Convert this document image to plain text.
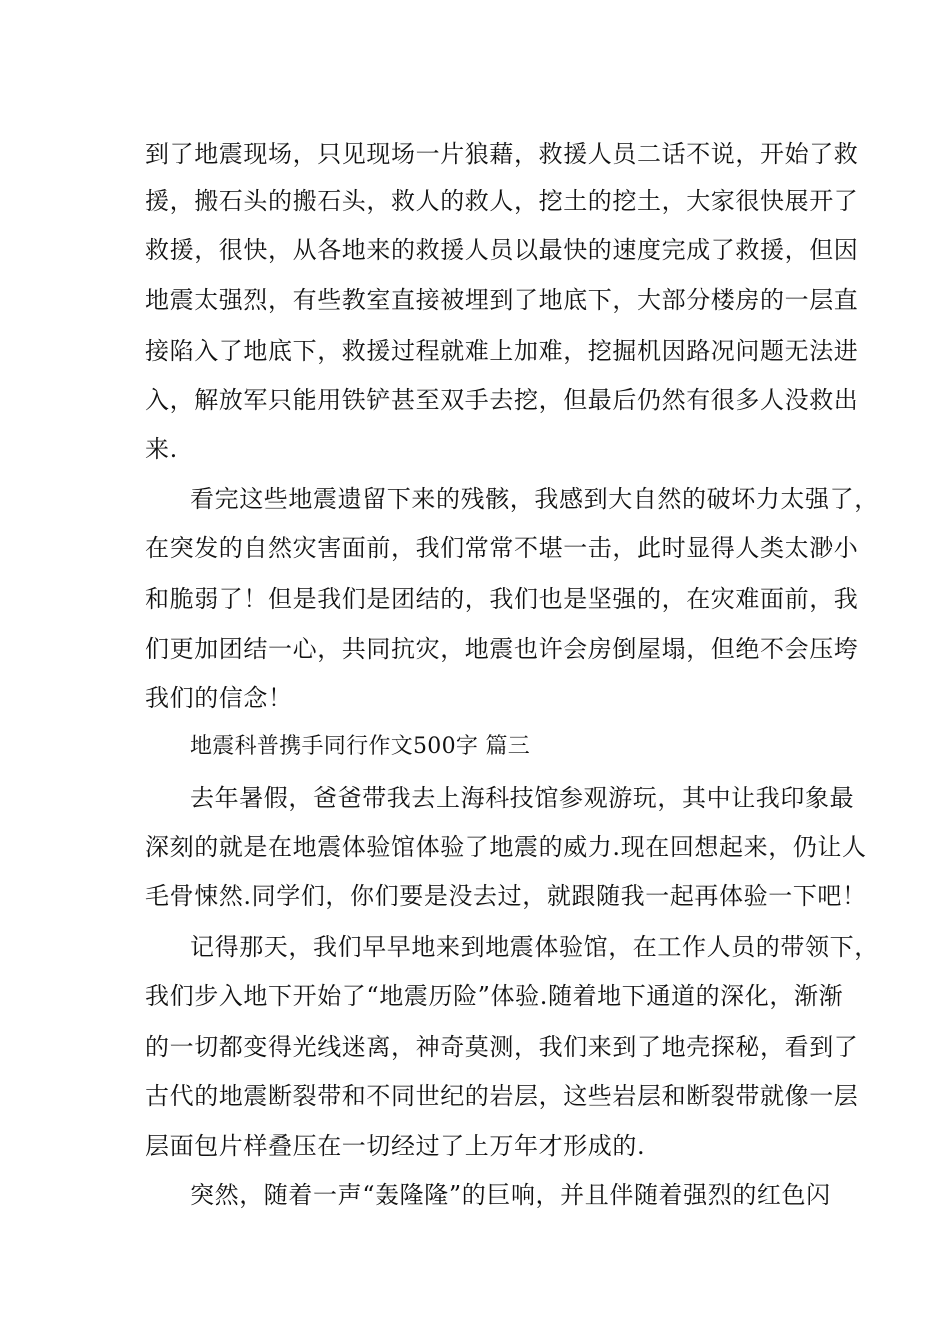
到了地震现场，只见现场一片狼藉，救援人员二话不说，开始了救
援，搬石头的搬石头，救人的救人，挖土的挖土，大家很快展开了
救援，很快，从各地来的救援人员以最快的速度完成了救援，但因
地震太强烈，有些教室直接被埋到了地底下，大部分楼房的一层直
接陷入了地底下，救援过程就难上加难，挖掘机因路况问题无法进
入，解放军只能用铁铲甚至双手去挖，但最后仍然有很多人没救出
来.
看完这些地震遗留下来的残骸，我感到大自然的破坏力太强了，
在突发的自然灾害面前，我们常常不堪一击，此时显得人类太渺小
和脆弱了！但是我们是团结的，我们也是坚强的，在灾难面前，我
们更加团结一心，共同抗灾，地震也许会房倒屋塌，但绝不会压垮
我们的信念！
地震科普携手同行作文500字 篇三
去年暑假，爸爸带我去上海科技馆参观游玩，其中让我印象最
深刻的就是在地震体验馆体验了地震的威力.现在回想起来，仍让人
毛骨悚然.同学们，你们要是没去过，就跟随我一起再体验一下吧！
记得那天，我们早早地来到地震体验馆，在工作人员的带领下，
我们步入地下开始了“地震历险”体验.随着地下通道的深化，渐渐
的一切都变得光线迷离，神奇莫测，我们来到了地壳探秘，看到了
古代的地震断裂带和不同世纪的岩层，这些岩层和断裂带就像一层
层面包片样叠压在一切经过了上万年才形成的.
突然，随着一声“轰隆隆”的巨响，并且伴随着强烈的红色闪
